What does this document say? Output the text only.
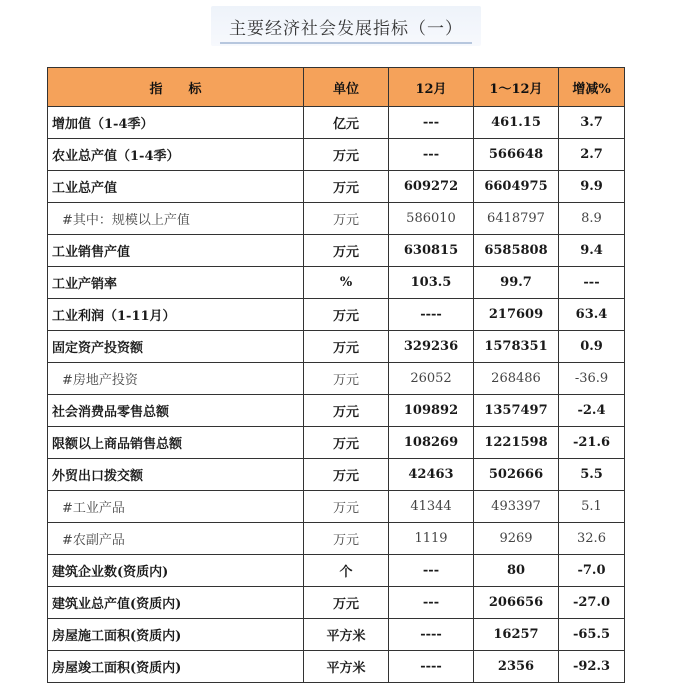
主要经济社会发展指标（一）
指　　标	单位	12月	1～12月	增减%
增加值（1-4季）	亿元	---	461.15	3.7
农业总产值（1-4季）	万元	---	566648	2.7
工业总产值	万元	609272	6604975	9.9
#其中：规模以上产值	万元	586010	6418797	8.9
工业销售产值	万元	630815	6585808	9.4
工业产销率	%	103.5	99.7	---
工业利润（1-11月）	万元	----	217609	63.4
固定资产投资额	万元	329236	1578351	0.9
#房地产投资	万元	26052	268486	-36.9
社会消费品零售总额	万元	109892	1357497	-2.4
限额以上商品销售总额	万元	108269	1221598	-21.6
外贸出口拨交额	万元	42463	502666	5.5
#工业产品	万元	41344	493397	5.1
#农副产品	万元	1119	9269	32.6
建筑企业数(资质内)	个	---	80	-7.0
建筑业总产值(资质内)	万元	---	206656	-27.0
房屋施工面积(资质内)	平方米	----	16257	-65.5
房屋竣工面积(资质内)	平方米	----	2356	-92.3
